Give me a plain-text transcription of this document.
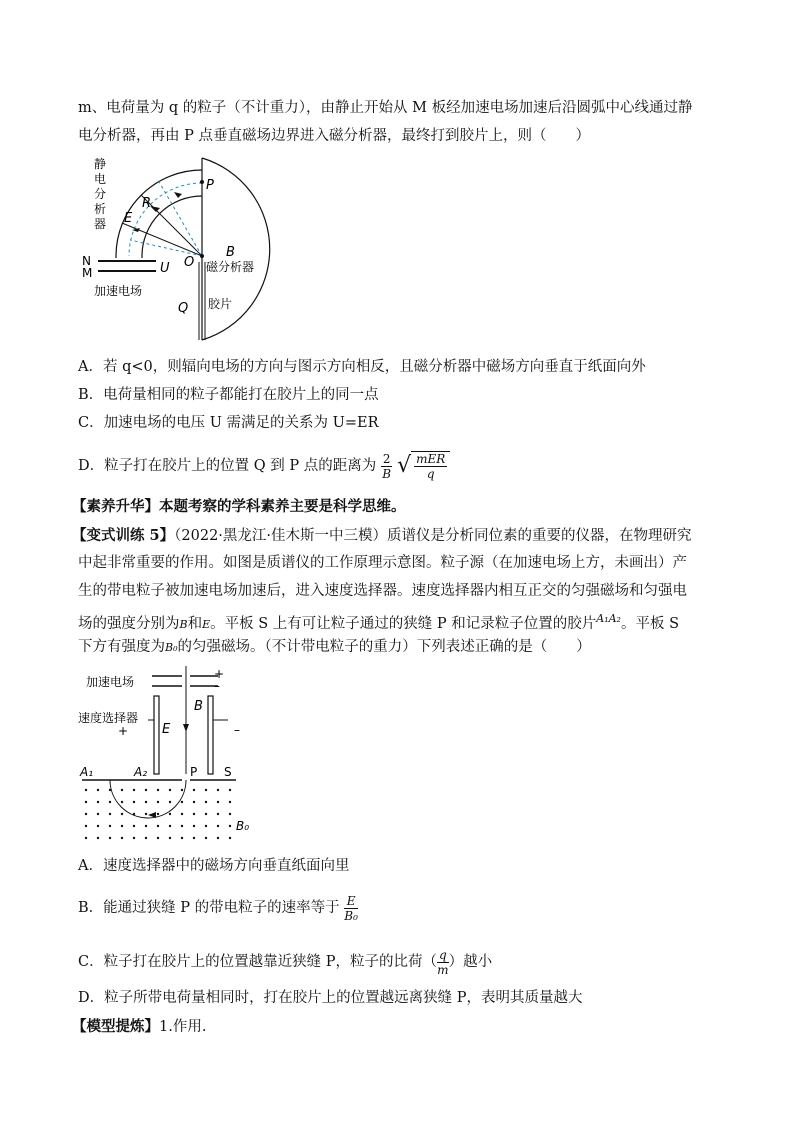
m、电荷量为 q 的粒子（不计重力），由静止开始从 M 板经加速电场加速后沿圆弧中心线通过静
电分析器，再由 P 点垂直磁场边界进入磁分析器，最终打到胶片上，则（　　）
静
电
分
析
器 E
R
P
O
B
磁分析器
N
M	U
加速电场
Q 胶片
A．若 q<0，则辐向电场的方向与图示方向相反，且磁分析器中磁场方向垂直于纸面向外
B．电荷量相同的粒子都能打在胶片上的同一点
C．加速电场的电压 U 需满足的关系为 U=ER
D．粒子打在胶片上的位置 Q 到 P 点的距离为 $\frac{2}{B}$ √ $\frac{\text{mER}}{q}$
【素养升华】本题考察的学科素养主要是科学思维。
【变式训练 5】（2022·黑龙江·佳木斯一中三模）质谱仪是分析同位素的重要的仪器，在物理研究
中起非常重要的作用。如图是质谱仪的工作原理示意图。粒子源（在加速电场上方，未画出）产
生的带电粒子被加速电场加速后，进入速度选择器。速度选择器内相互正交的匀强磁场和匀强电
场的强度分别为B和E。平板 S 上有可让粒子通过的狭缝 P 和记录粒子位置的胶片$^{A_1A_2}$。平板 S
下方有强度为B₀的匀强磁场。（不计带电粒子的重力）下列表述正确的是（　　）
加速电场
+
–
速度选择器
+	E
B
–
A₁	A₂	P S
B₀
A．速度选择器中的磁场方向垂直纸面向里
B．能通过狭缝 P 的带电粒子的速率等于 $\frac{E}{\text{B₀}}$
C．粒子打在胶片上的位置越靠近狭缝 P，粒子的比荷（ $\frac{q}{m}$ ）越小
D．粒子所带电荷量相同时，打在胶片上的位置越远离狭缝 P，表明其质量越大
【模型提炼】1.作用.
